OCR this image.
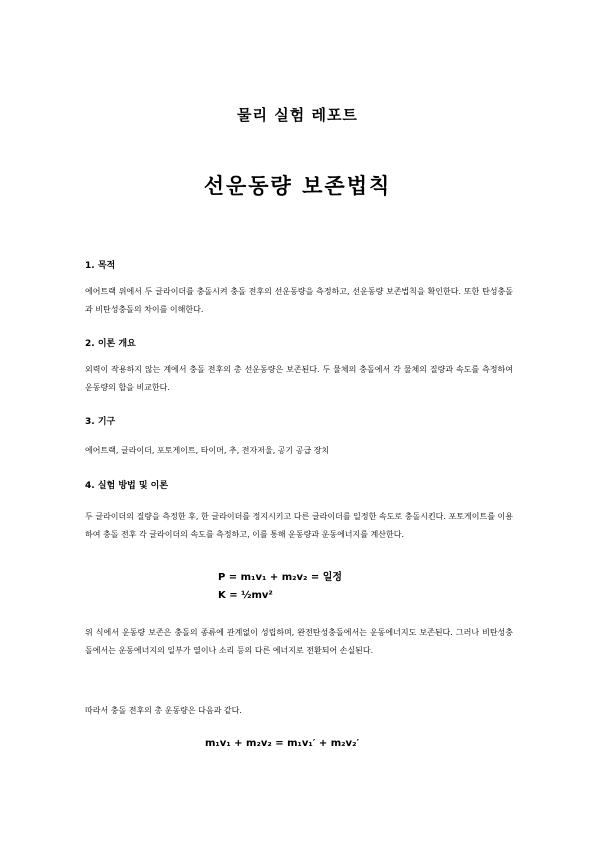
물리 실험 레포트
선운동량 보존법칙
1. 목적
에어트랙 위에서 두 글라이더를 충돌시켜 충돌 전후의 선운동량을 측정하고, 선운동량 보존법칙을 확인한다. 또한 탄성충돌과 비탄성충돌의 차이를 이해한다.
2. 이론 개요
외력이 작용하지 않는 계에서 충돌 전후의 총 선운동량은 보존된다. 두 물체의 충돌에서 각 물체의 질량과 속도를 측정하여 운동량의 합을 비교한다.
3. 기구
에어트랙, 글라이더, 포토게이트, 타이머, 추, 전자저울, 공기 공급 장치
4. 실험 방법 및 이론
두 글라이더의 질량을 측정한 후, 한 글라이더를 정지시키고 다른 글라이더를 일정한 속도로 충돌시킨다. 포토게이트를 이용하여 충돌 전후 각 글라이더의 속도를 측정하고, 이를 통해 운동량과 운동에너지를 계산한다.
P = m₁v₁ + m₂v₂ = 일정
K = ½mv²
위 식에서 운동량 보존은 충돌의 종류에 관계없이 성립하며, 완전탄성충돌에서는 운동에너지도 보존된다. 그러나 비탄성충돌에서는 운동에너지의 일부가 열이나 소리 등의 다른 에너지로 전환되어 손실된다.
따라서 충돌 전후의 총 운동량은 다음과 같다.
m₁v₁ + m₂v₂ = m₁v₁′ + m₂v₂′
